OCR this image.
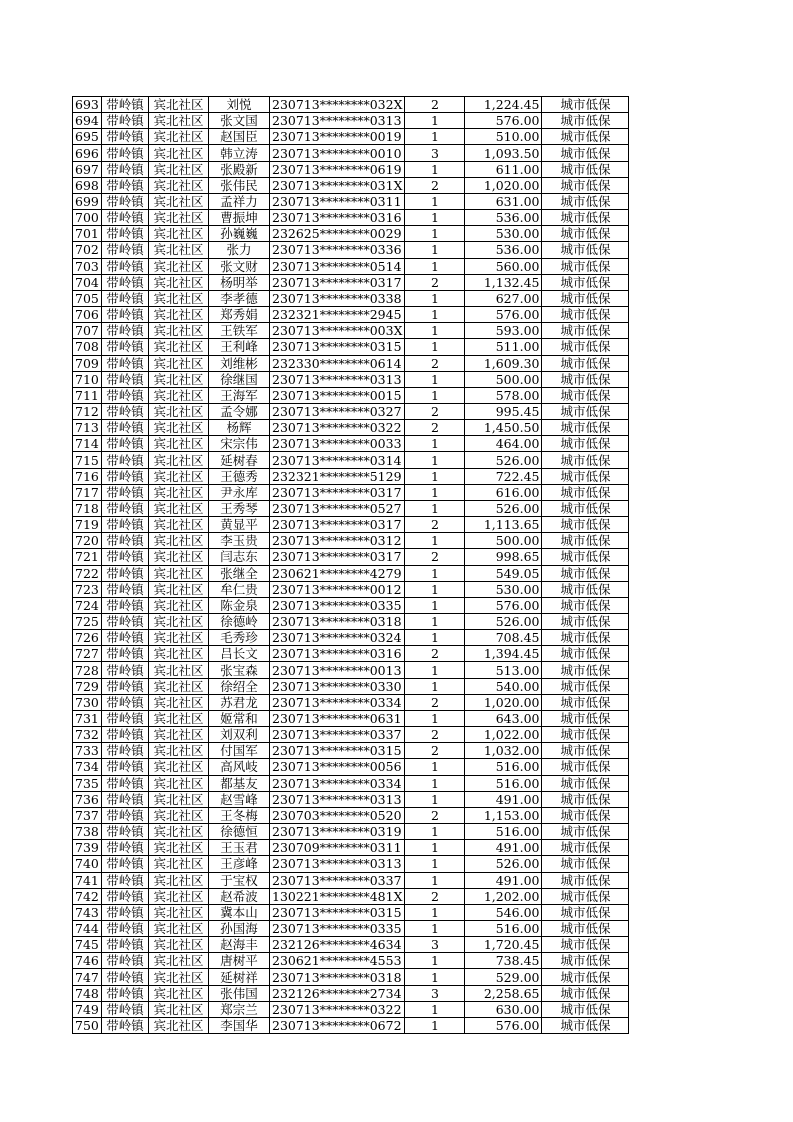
693	带岭镇	宾北社区	刘悦	230713********032X	2	1,224.45	城市低保
694	带岭镇	宾北社区	张文国	230713********0313	1	576.00	城市低保
695	带岭镇	宾北社区	赵国臣	230713********0019	1	510.00	城市低保
696	带岭镇	宾北社区	韩立涛	230713********0010	3	1,093.50	城市低保
697	带岭镇	宾北社区	张殿新	230713********0619	1	611.00	城市低保
698	带岭镇	宾北社区	张伟民	230713********031X	2	1,020.00	城市低保
699	带岭镇	宾北社区	孟祥力	230713********0311	1	631.00	城市低保
700	带岭镇	宾北社区	曹振坤	230713********0316	1	536.00	城市低保
701	带岭镇	宾北社区	孙巍巍	232625********0029	1	530.00	城市低保
702	带岭镇	宾北社区	张力	230713********0336	1	536.00	城市低保
703	带岭镇	宾北社区	张文财	230713********0514	1	560.00	城市低保
704	带岭镇	宾北社区	杨明举	230713********0317	2	1,132.45	城市低保
705	带岭镇	宾北社区	李孝德	230713********0338	1	627.00	城市低保
706	带岭镇	宾北社区	郑秀娟	232321********2945	1	576.00	城市低保
707	带岭镇	宾北社区	王铁军	230713********003X	1	593.00	城市低保
708	带岭镇	宾北社区	王利峰	230713********0315	1	511.00	城市低保
709	带岭镇	宾北社区	刘维彬	232330********0614	2	1,609.30	城市低保
710	带岭镇	宾北社区	徐继国	230713********0313	1	500.00	城市低保
711	带岭镇	宾北社区	王海军	230713********0015	1	578.00	城市低保
712	带岭镇	宾北社区	孟令娜	230713********0327	2	995.45	城市低保
713	带岭镇	宾北社区	杨辉	230713********0322	2	1,450.50	城市低保
714	带岭镇	宾北社区	宋宗伟	230713********0033	1	464.00	城市低保
715	带岭镇	宾北社区	延树春	230713********0314	1	526.00	城市低保
716	带岭镇	宾北社区	王德秀	232321********5129	1	722.45	城市低保
717	带岭镇	宾北社区	尹永库	230713********0317	1	616.00	城市低保
718	带岭镇	宾北社区	王秀琴	230713********0527	1	526.00	城市低保
719	带岭镇	宾北社区	黄显平	230713********0317	2	1,113.65	城市低保
720	带岭镇	宾北社区	李玉贵	230713********0312	1	500.00	城市低保
721	带岭镇	宾北社区	闫志东	230713********0317	2	998.65	城市低保
722	带岭镇	宾北社区	张继全	230621********4279	1	549.05	城市低保
723	带岭镇	宾北社区	牟仁贵	230713********0012	1	530.00	城市低保
724	带岭镇	宾北社区	陈金泉	230713********0335	1	576.00	城市低保
725	带岭镇	宾北社区	徐德岭	230713********0318	1	526.00	城市低保
726	带岭镇	宾北社区	毛秀珍	230713********0324	1	708.45	城市低保
727	带岭镇	宾北社区	吕长文	230713********0316	2	1,394.45	城市低保
728	带岭镇	宾北社区	张宝森	230713********0013	1	513.00	城市低保
729	带岭镇	宾北社区	徐绍全	230713********0330	1	540.00	城市低保
730	带岭镇	宾北社区	苏君龙	230713********0334	2	1,020.00	城市低保
731	带岭镇	宾北社区	姬常和	230713********0631	1	643.00	城市低保
732	带岭镇	宾北社区	刘双利	230713********0337	2	1,022.00	城市低保
733	带岭镇	宾北社区	付国军	230713********0315	2	1,032.00	城市低保
734	带岭镇	宾北社区	高风岐	230713********0056	1	516.00	城市低保
735	带岭镇	宾北社区	都基友	230713********0334	1	516.00	城市低保
736	带岭镇	宾北社区	赵雪峰	230713********0313	1	491.00	城市低保
737	带岭镇	宾北社区	王冬梅	230703********0520	2	1,153.00	城市低保
738	带岭镇	宾北社区	徐德恒	230713********0319	1	516.00	城市低保
739	带岭镇	宾北社区	王玉君	230709********0311	1	491.00	城市低保
740	带岭镇	宾北社区	王彦峰	230713********0313	1	526.00	城市低保
741	带岭镇	宾北社区	于宝权	230713********0337	1	491.00	城市低保
742	带岭镇	宾北社区	赵希波	130221********481X	2	1,202.00	城市低保
743	带岭镇	宾北社区	冀本山	230713********0315	1	546.00	城市低保
744	带岭镇	宾北社区	孙国海	230713********0335	1	516.00	城市低保
745	带岭镇	宾北社区	赵海丰	232126********4634	3	1,720.45	城市低保
746	带岭镇	宾北社区	唐树平	230621********4553	1	738.45	城市低保
747	带岭镇	宾北社区	延树祥	230713********0318	1	529.00	城市低保
748	带岭镇	宾北社区	张伟国	232126********2734	3	2,258.65	城市低保
749	带岭镇	宾北社区	郑宗兰	230713********0322	1	630.00	城市低保
750	带岭镇	宾北社区	李国华	230713********0672	1	576.00	城市低保
